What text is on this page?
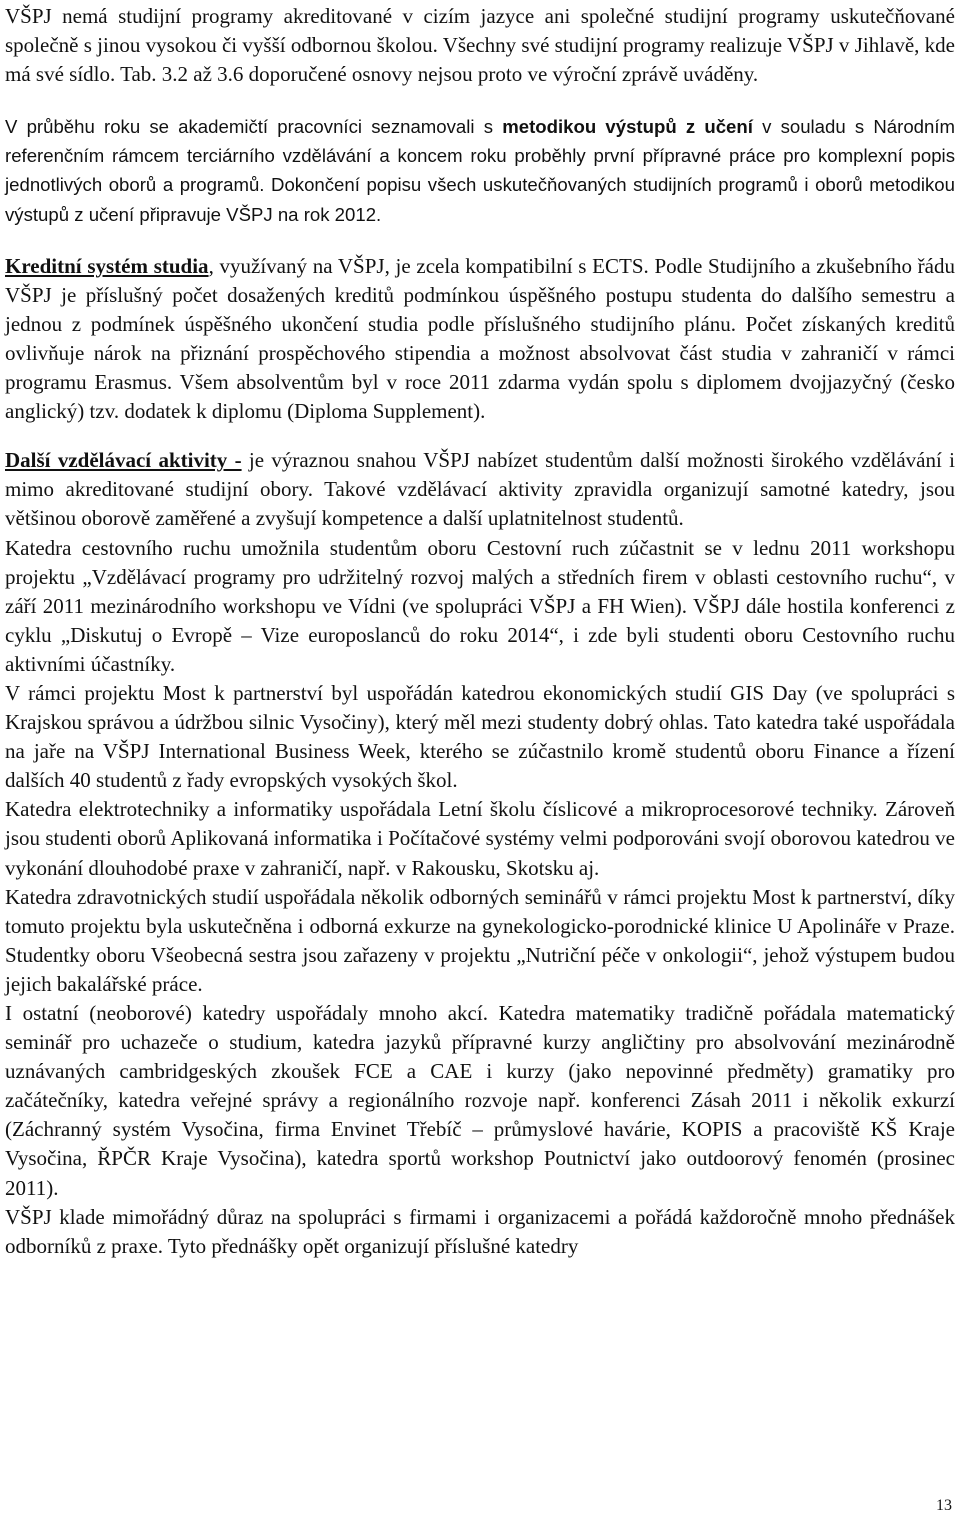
VŠPJ nemá studijní programy akreditované v cizím jazyce ani společné studijní programy uskutečňované společně s jinou vysokou či vyšší odbornou školou. Všechny své studijní programy realizuje VŠPJ v Jihlavě, kde má své sídlo. Tab. 3.2 až 3.6 doporučené osnovy nejsou proto ve výroční zprávě uváděny.

V průběhu roku se akademičtí pracovníci seznamovali s metodikou výstupů z učení v souladu s Národním referenčním rámcem terciárního vzdělávání a koncem roku proběhly první přípravné práce pro komplexní popis jednotlivých oborů a programů. Dokončení popisu všech uskutečňovaných studijních programů i oborů metodikou výstupů z učení připravuje VŠPJ na rok 2012.

Kreditní systém studia, využívaný na VŠPJ, je zcela kompatibilní s ECTS. Podle Studijního a zkušebního řádu VŠPJ je příslušný počet dosažených kreditů podmínkou úspěšného postupu studenta do dalšího semestru a jednou z podmínek úspěšného ukončení studia podle příslušného studijního plánu. Počet získaných kreditů ovlivňuje nárok na přiznání prospěchového stipendia a možnost absolvovat část studia v zahraničí v rámci programu Erasmus. Všem absolventům byl v roce 2011 zdarma vydán spolu s diplomem dvojjazyčný (česko anglický) tzv. dodatek k diplomu (Diploma Supplement).

Další vzdělávací aktivity - je výraznou snahou VŠPJ nabízet studentům další možnosti širokého vzdělávání i mimo akreditované studijní obory. Takové vzdělávací aktivity zpravidla organizují samotné katedry, jsou většinou oborově zaměřené a zvyšují kompetence a další uplatnitelnost studentů.

Katedra cestovního ruchu umožnila studentům oboru Cestovní ruch zúčastnit se v lednu 2011 workshopu projektu „Vzdělávací programy pro udržitelný rozvoj malých a středních firem v oblasti cestovního ruchu“, v září 2011 mezinárodního workshopu ve Vídni (ve spolupráci VŠPJ a FH Wien). VŠPJ dále hostila konferenci z cyklu „Diskutuj o Evropě – Vize europoslanců do roku 2014“, i zde byli studenti oboru Cestovního ruchu aktivními účastníky.

V rámci projektu Most k partnerství byl uspořádán katedrou ekonomických studií GIS Day (ve spolupráci s Krajskou správou a údržbou silnic Vysočiny), který měl mezi studenty dobrý ohlas. Tato katedra také uspořádala na jaře na VŠPJ International Business Week, kterého se zúčastnilo kromě studentů oboru Finance a řízení dalších 40 studentů z řady evropských vysokých škol.

Katedra elektrotechniky a informatiky uspořádala Letní školu číslicové a mikroprocesorové techniky. Zároveň jsou studenti oborů Aplikovaná informatika i Počítačové systémy velmi podporováni svojí oborovou katedrou ve vykonání dlouhodobé praxe v zahraničí, např. v Rakousku, Skotsku aj.

Katedra zdravotnických studií uspořádala několik odborných seminářů v rámci projektu Most k partnerství, díky tomuto projektu byla uskutečněna i odborná exkurze na gynekologicko-porodnické klinice U Apolináře v Praze. Studentky oboru Všeobecná sestra jsou zařazeny v projektu „Nutriční péče v onkologii“, jehož výstupem budou jejich bakalářské práce.

I ostatní (neoborové) katedry uspořádaly mnoho akcí. Katedra matematiky tradičně pořádala matematický seminář pro uchazeče o studium, katedra jazyků přípravné kurzy angličtiny pro absolvování mezinárodně uznávaných cambridgeských zkoušek FCE a CAE i kurzy (jako nepovinné předměty) gramatiky pro začátečníky, katedra veřejné správy a regionálního rozvoje např. konferenci Zásah 2011 i několik exkurzí (Záchranný systém Vysočina, firma Envinet Třebíč – průmyslové havárie, KOPIS a pracoviště KŠ Kraje Vysočina, ŘPČR Kraje Vysočina), katedra sportů workshop Poutnictví jako outdoorový fenomén (prosinec 2011).

VŠPJ klade mimořádný důraz na spolupráci s firmami i organizacemi a pořádá každoročně mnoho přednášek odborníků z praxe. Tyto přednášky opět organizují příslušné katedry

13
